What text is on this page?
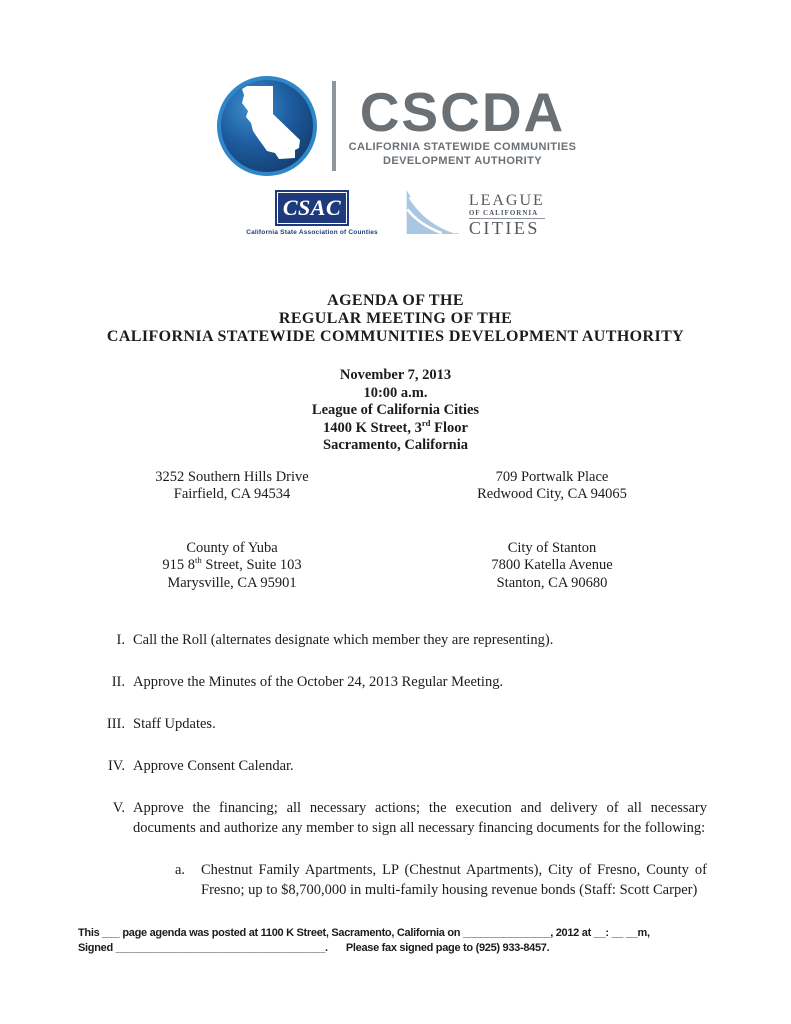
CSCDA
CALIFORNIA STATEWIDE COMMUNITIES
DEVELOPMENT AUTHORITY
CSAC
California State Association of Counties
LEAGUE
OF CALIFORNIA
CITIES
AGENDA OF THE
REGULAR MEETING OF THE
CALIFORNIA STATEWIDE COMMUNITIES DEVELOPMENT AUTHORITY
November 7, 2013
10:00 a.m.
League of California Cities
1400 K Street, 3rd Floor
Sacramento, California
3252 Southern Hills Drive
Fairfield, CA 94534
709 Portwalk Place
Redwood City, CA 94065
County of Yuba
915 8th Street, Suite 103
Marysville, CA 95901
City of Stanton
7800 Katella Avenue
Stanton, CA 90680
I. Call the Roll (alternates designate which member they are representing).
II. Approve the Minutes of the October 24, 2013 Regular Meeting.
III. Staff Updates.
IV. Approve Consent Calendar.
V. Approve the financing; all necessary actions; the execution and delivery of all necessary documents and authorize any member to sign all necessary financing documents for the following:
a.	Chestnut Family Apartments, LP (Chestnut Apartments), City of Fresno, County of Fresno; up to $8,700,000 in multi-family housing revenue bonds (Staff: Scott Carper)
This ___ page agenda was posted at 1100 K Street, Sacramento, California on _______________, 2012 at __: __ __m,
Signed ____________________________________. Please fax signed page to (925) 933-8457.
